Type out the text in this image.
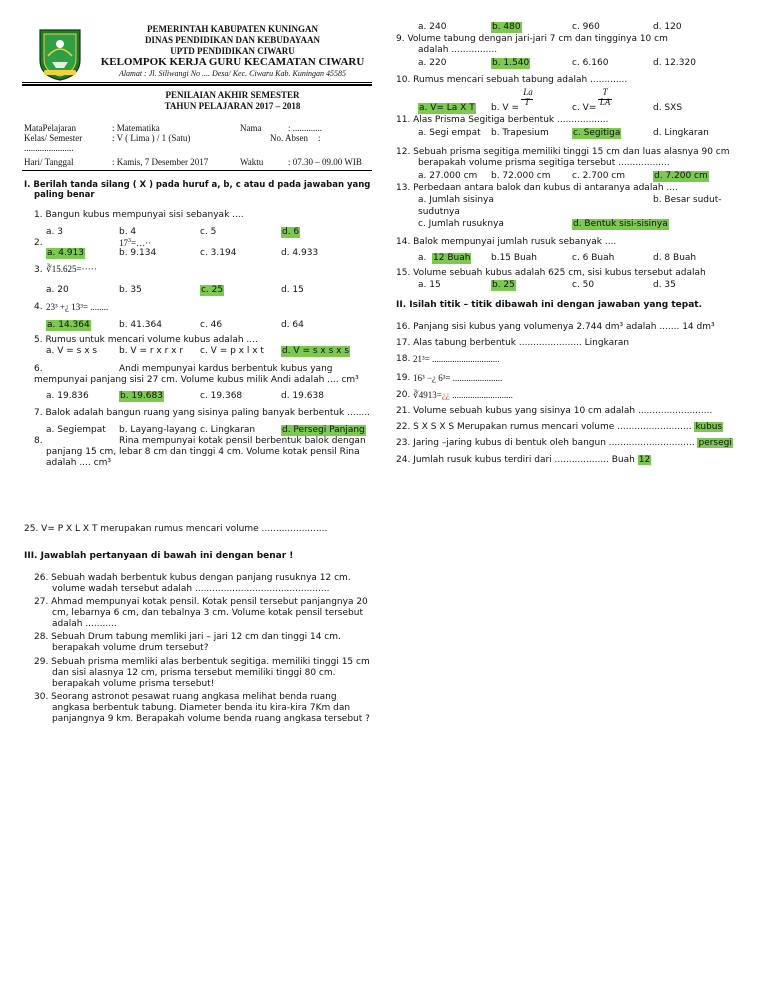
PEMERINTAH KABUPATEN KUNINGAN
DINAS PENDIDIKAN DAN KEBUDAYAAN
UPTD PENDIDIKAN CIWARU
KELOMPOK KERJA GURU KECAMATAN CIWARU
Alamat : Jl. Siliwangi No .... Desa/ Kec. Ciwaru Kab. Kuningan 45585
PENILAIAN AKHIR SEMESTER
TAHUN PELAJARAN 2017 – 2018
MataPelajaran	: Matematika	Nama	: .............
Kelas/ Semester	: V ( Lima ) / 1 (Satu)	No. Absen :
......................
Hari/ Tanggal	: Kamis, 7 Desember 2017	Waktu	: 07.30 – 09.00 WIB
I. Berilah tanda silang ( X ) pada huruf a, b, c atau d pada jawaban yang
paling benar
1. Bangun kubus mempunyai sisi sebanyak ....
a. 3	b. 4	c. 5	d. 6
2.	$17^3=\dots\cdot\cdot$
a. 4.913	b. 9.134	c. 3.194	d. 4.933
3. ∛15.625=⋅⋅⋅⋅⋅
a. 20	b. 35	c. 25	d. 15
4. 23³ +¿ 13³= ........
a. 14.364	b. 41.364	c. 46	d. 64
5. Rumus untuk mencari volume kubus adalah ....
a. V = s x s b. V = r x r x r c. V = p x l x t d. V = s x s x s
6.	Andi mempunyai kardus berbentuk kubus yang
mempunyai panjang sisi 27 cm. Volume kubus milik Andi adalah .... cm³
a. 19.836	b. 19.683	c. 19.368	d. 19.638
7. Balok adalah bangun ruang yang sisinya paling banyak berbentuk ........
a. Segiempat b. Layang-layang c. Lingkaran	d. Persegi Panjang
8.	Rina mempunyai kotak pensil berbentuk balok dengan
panjang 15 cm, lebar 8 cm dan tinggi 4 cm. Volume kotak pensil Rina
adalah .... cm³
25. V= P X L X T merupakan rumus mencari volume .......................
III. Jawablah pertanyaan di bawah ini dengan benar !
26. Sebuah wadah berbentuk kubus dengan panjang rusuknya 12 cm.
volume wadah tersebut adalah ...............................................
27. Ahmad mempunyai kotak pensil. Kotak pensil tersebut panjangnya 20
cm, lebarnya 6 cm, dan tebalnya 3 cm. Volume kotak pensil tersebut
adalah ...........
28. Sebuah Drum tabung memliki jari – jari 12 cm dan tinggi 14 cm.
berapakah volume drum tersebut?
29. Sebuah prisma memliki alas berbentuk segitiga. memiliki tinggi 15 cm
dan sisi alasnya 12 cm, prisma tersebut memiliki tinggi 80 cm.
berapakah volume prisma tersebut!
30. Seorang astronot pesawat ruang angkasa melihat benda ruang
angkasa berbentuk tabung. Diameter benda itu kira-kira 7Km dan
panjangnya 9 km. Berapakah volume benda ruang angkasa tersebut ?
a. 240	b. 480	c. 960	d. 120
9. Volume tabung dengan jari-jari 7 cm dan tingginya 10 cm
adalah ................
a. 220	b. 1.540	c. 6.160	d. 12.320
10. Rumus mencari sebuah tabung adalah .............
a. V= La X T b. V =
La
T
c. V=
T
LA
d. SXS
11. Alas Prisma Segitiga berbentuk ..................
a. Segi empat b. Trapesium	c. Segitiga	d. Lingkaran
12. Sebuah prisma segitiga memiliki tinggi 15 cm dan luas alasnya 90 cm
berapakah volume prisma segitiga tersebut ..................
a. 27.000 cm b. 72.000 cm c. 2.700 cm	d. 7.200 cm
13. Perbedaan antara balok dan kubus di antaranya adalah ....
a. Jumlah sisinya	b. Besar sudut-
sudutnya
c. Jumlah rusuknya	d. Bentuk sisi-sisinya
14. Balok mempunyai jumlah rusuk sebanyak ....
a. 12 Buah b.15 Buah	c. 6 Buah	d. 8 Buah
15. Volume sebuah kubus adalah 625 cm, sisi kubus tersebut adalah
a. 15	b. 25	c. 50	d. 35
II. Isilah titik – titik dibawah ini dengan jawaban yang tepat.
16. Panjang sisi kubus yang volumenya 2.744 dm³ adalah ....... 14 dm³
17. Alas tabung berbentuk ...................... Lingkaran
18. 21³= ..............................
19. 16³ −¿ 6³= ......................
20. ∛4913=¿¿ ...........................
21. Volume sebuah kubus yang sisinya 10 cm adalah ..........................
22. S X S X S Merupakan rumus mencari volume .......................... kubus
23. Jaring –jaring kubus di bentuk oleh bangun .............................. persegi
24. Jumlah rusuk kubus terdiri dari ................... Buah 12
